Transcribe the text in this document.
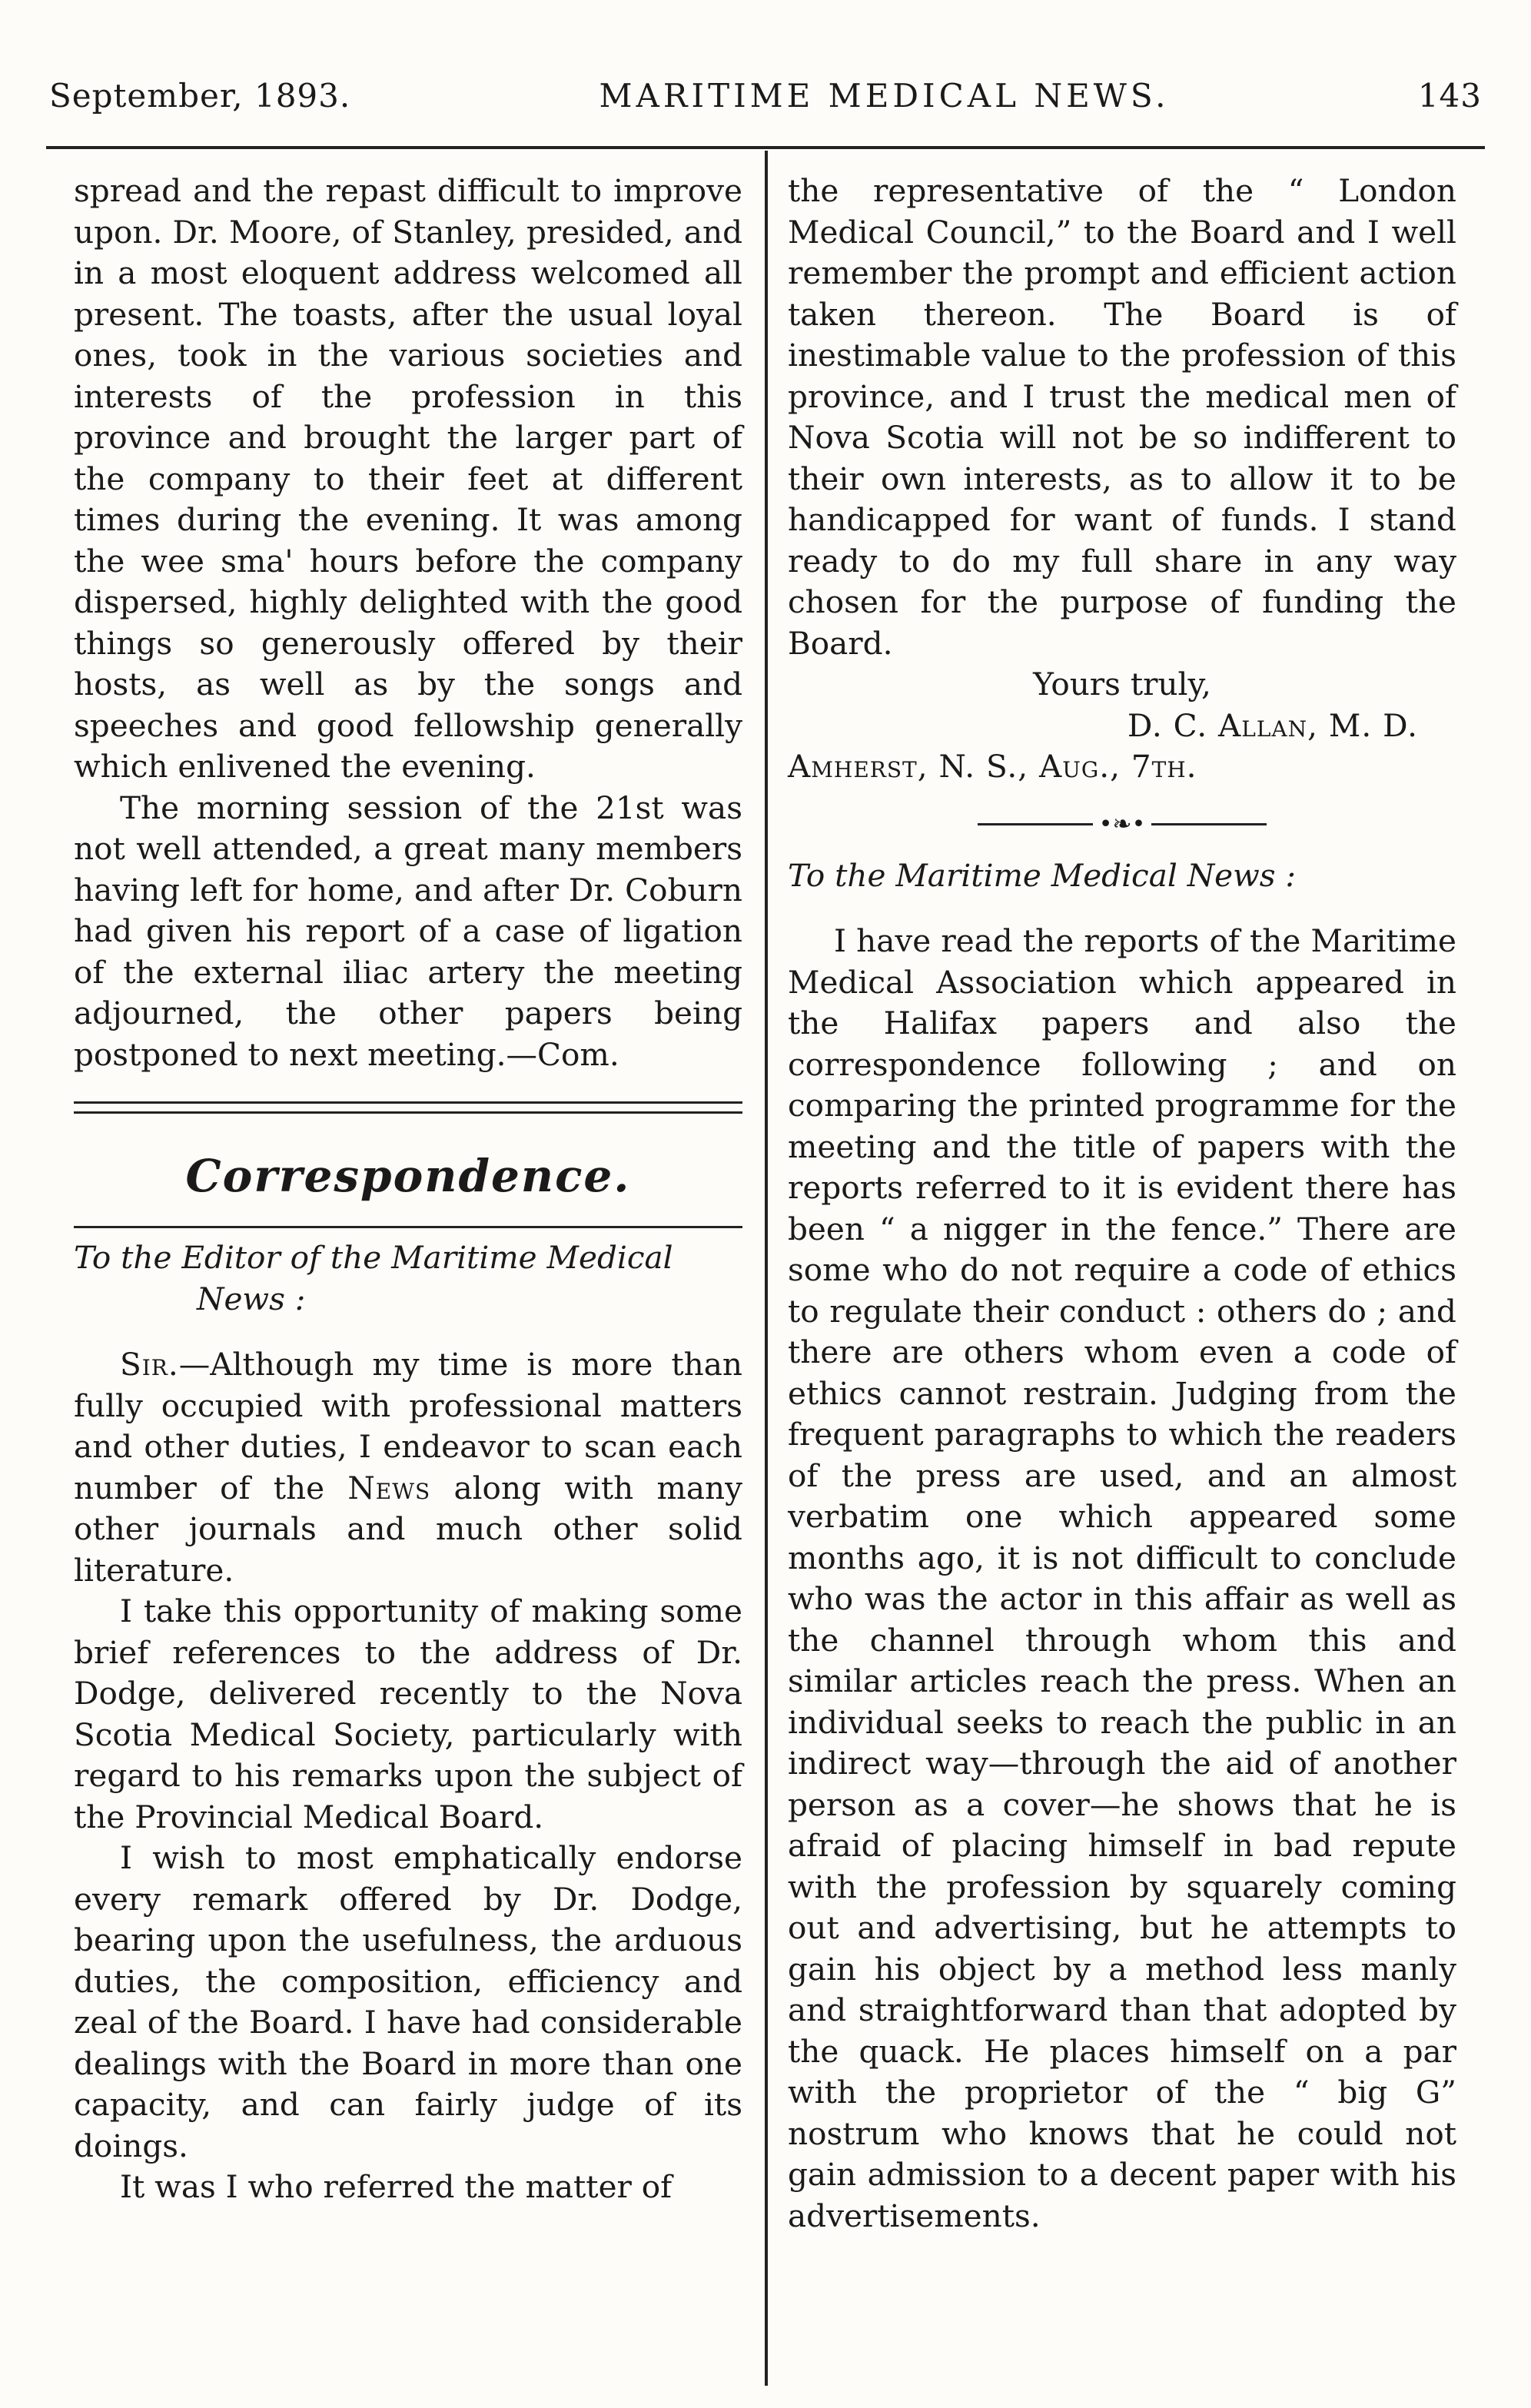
September, 1893.	MARITIME MEDICAL NEWS.	143

spread and the repast difficult to improve upon. Dr. Moore, of Stanley, presided, and in a most eloquent address welcomed all present. The toasts, after the usual loyal ones, took in the various societies and interests of the profession in this province and brought the larger part of the company to their feet at different times during the evening. It was among the wee sma' hours before the company dispersed, highly delighted with the good things so generously offered by their hosts, as well as by the songs and speeches and good fellowship generally which enlivened the evening.

The morning session of the 21st was not well attended, a great many members having left for home, and after Dr. Coburn had given his report of a case of ligation of the external iliac artery the meeting adjourned, the other papers being postponed to next meeting.—Com.

Correspondence.
To the Editor of the Maritime Medical
News :

Sir.—Although my time is more than fully occupied with professional matters and other duties, I endeavor to scan each number of the News along with many other journals and much other solid literature.

I take this opportunity of making some brief references to the address of Dr. Dodge, delivered recently to the Nova Scotia Medical Society, particularly with regard to his remarks upon the subject of the Provincial Medical Board.

I wish to most emphatically endorse every remark offered by Dr. Dodge, bearing upon the usefulness, the arduous duties, the composition, efficiency and zeal of the Board. I have had considerable dealings with the Board in more than one capacity, and can fairly judge of its doings.

It was I who referred the matter of

the representative of the “ London Medical Council,” to the Board and I well remember the prompt and efficient action taken thereon. The Board is of inestimable value to the profession of this province, and I trust the medical men of Nova Scotia will not be so indifferent to their own interests, as to allow it to be handicapped for want of funds. I stand ready to do my full share in any way chosen for the purpose of funding the Board.

Yours truly,
D. C. Allan, M. D.
Amherst, N. S., Aug., 7th.
•❧•
To the Maritime Medical News :

I have read the reports of the Maritime Medical Association which appeared in the Halifax papers and also the correspondence following ; and on comparing the printed programme for the meeting and the title of papers with the reports referred to it is evident there has been “ a nigger in the fence.” There are some who do not require a code of ethics to regulate their conduct : others do ; and there are others whom even a code of ethics cannot restrain. Judging from the frequent paragraphs to which the readers of the press are used, and an almost verbatim one which appeared some months ago, it is not difficult to conclude who was the actor in this affair as well as the channel through whom this and similar articles reach the press. When an individual seeks to reach the public in an indirect way—through the aid of another person as a cover—he shows that he is afraid of placing himself in bad repute with the profession by squarely coming out and advertising, but he attempts to gain his object by a method less manly and straightforward than that adopted by the quack. He places himself on a par with the proprietor of the “ big G” nostrum who knows that he could not gain admission to a decent paper with his advertisements.
